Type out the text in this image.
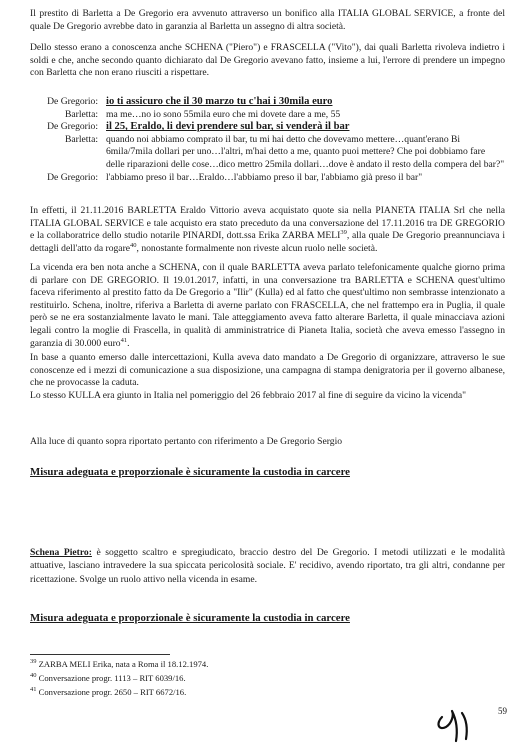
Il prestito di Barletta a De Gregorio era avvenuto attraverso un bonifico alla ITALIA GLOBAL SERVICE, a fronte del quale De Gregorio avrebbe dato in garanzia al Barletta un assegno di altra società.

Dello stesso erano a conoscenza anche SCHENA ("Piero") e FRASCELLA ("Vito"), dai quali Barletta rivoleva indietro i soldi e che, anche secondo quanto dichiarato dal De Gregorio avevano fatto, insieme a lui, l'errore di prendere un impegno con Barletta che non erano riusciti a rispettare.

De Gregorio: io ti assicuro che il 30 marzo tu c'hai i 30mila euro
Barletta: ma me…no io sono 55mila euro che mi dovete dare a me, 55
De Gregorio: il 25, Eraldo, li devi prendere sul bar, si venderà il bar
Barletta: quando noi abbiamo comprato il bar, tu mi hai detto che dovevamo mettere…quant'erano Bi 6mila/7mila dollari per uno…l'altri, m'hai detto a me, quanto puoi mettere? Che poi dobbiamo fare delle riparazioni delle cose…dico mettro 25mila dollari…dove è andato il resto della compera del bar?"
De Gregorio: l'abbiamo preso il bar…Eraldo…l'abbiamo preso il bar, l'abbiamo già preso il bar"

In effetti, il 21.11.2016 BARLETTA Eraldo Vittorio aveva acquistato quote sia nella PIANETA ITALIA Srl che nella ITALIA GLOBAL SERVICE e tale acquisto era stato preceduto da una conversazione del 17.11.2016 tra DE GREGORIO e la collaboratrice dello studio notarile PINARDI, dott.ssa Erika ZARBA MELI$^{39}$, alla quale De Gregorio preannunciava i dettagli dell'atto da rogare$^{40}$, nonostante formalmente non riveste alcun ruolo nelle società.

La vicenda era ben nota anche a SCHENA, con il quale BARLETTA aveva parlato telefonicamente qualche giorno prima di parlare con DE GREGORIO. Il 19.01.2017, infatti, in una conversazione tra BARLETTA e SCHENA quest'ultimo faceva riferimento al prestito fatto da De Gregorio a "Ilir" (Kulla) ed al fatto che quest'ultimo non sembrasse intenzionato a restituirlo. Schena, inoltre, riferiva a Barletta di averne parlato con FRASCELLA, che nel frattempo era in Puglia, il quale però se ne era sostanzialmente lavato le mani. Tale atteggiamento aveva fatto alterare Barletta, il quale minacciava azioni legali contro la moglie di Frascella, in qualità di amministratrice di Pianeta Italia, società che aveva emesso l'assegno in garanzia di 30.000 euro$^{41}$.

In base a quanto emerso dalle intercettazioni, Kulla aveva dato mandato a De Gregorio di organizzare, attraverso le sue conoscenze ed i mezzi di comunicazione a sua disposizione, una campagna di stampa denigratoria per il governo albanese, che ne provocasse la caduta.

Lo stesso KULLA era giunto in Italia nel pomeriggio del 26 febbraio 2017 al fine di seguire da vicino la vicenda"

Alla luce di quanto sopra riportato pertanto con riferimento a De Gregorio Sergio

Misura adeguata e proporzionale è sicuramente la custodia in carcere

Schena Pietro: è soggetto scaltro e spregiudicato, braccio destro del De Gregorio. I metodi utilizzati e le modalità attuative, lasciano intravedere la sua spiccata pericolosità sociale. E' recidivo, avendo riportato, tra gli altri, condanne per ricettazione. Svolge un ruolo attivo nella vicenda in esame.

Misura adeguata e proporzionale è sicuramente la custodia in carcere

$^{39}$ ZARBA MELI Erika, nata a Roma il 18.12.1974.

$^{40}$ Conversazione progr. 1113 – RIT 6039/16.

$^{41}$ Conversazione progr. 2650 – RIT 6672/16.

59
